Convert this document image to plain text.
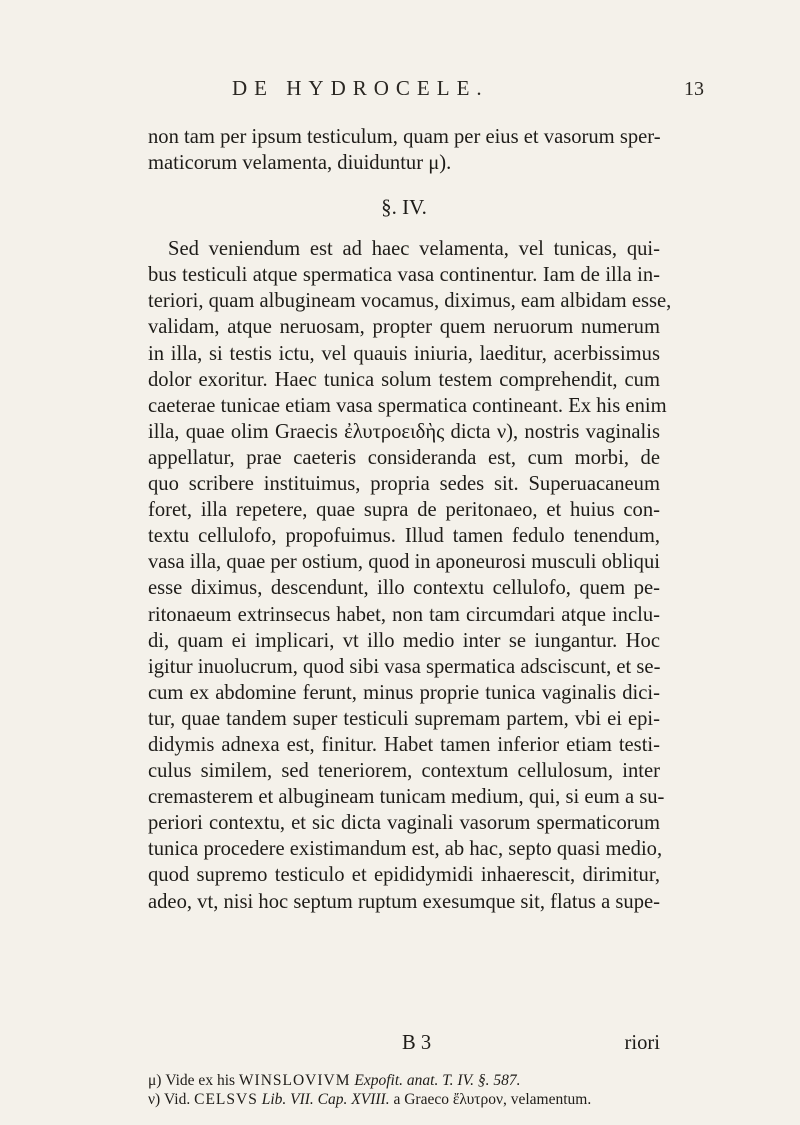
DE HYDROCELE.	13
non tam per ipsum testiculum, quam per eius et vasorum sper-
maticorum velamenta, diuiduntur μ).
§. IV.
Sed veniendum est ad haec velamenta, vel tunicas, qui-
bus testiculi atque spermatica vasa continentur. Iam de illa in-
teriori, quam albugineam vocamus, diximus, eam albidam esse,
validam, atque neruosam, propter quem neruorum numerum
in illa, si testis ictu, vel quauis iniuria, laeditur, acerbissimus
dolor exoritur. Haec tunica solum testem comprehendit, cum
caeterae tunicae etiam vasa spermatica contineant. Ex his enim
illa, quae olim Graecis ἐλυτροειδὴς dicta ν), nostris vaginalis
appellatur, prae caeteris consideranda est, cum morbi, de
quo scribere instituimus, propria sedes sit. Superuacaneum
foret, illa repetere, quae supra de peritonaeo, et huius con-
textu cellulofo, propofuimus. Illud tamen fedulo tenendum,
vasa illa, quae per ostium, quod in aponeurosi musculi obliqui
esse diximus, descendunt, illo contextu cellulofo, quem pe-
ritonaeum extrinsecus habet, non tam circumdari atque inclu-
di, quam ei implicari, vt illo medio inter se iungantur. Hoc
igitur inuolucrum, quod sibi vasa spermatica adsciscunt, et se-
cum ex abdomine ferunt, minus proprie tunica vaginalis dici-
tur, quae tandem super testiculi supremam partem, vbi ei epi-
didymis adnexa est, finitur. Habet tamen inferior etiam testi-
culus similem, sed teneriorem, contextum cellulosum, inter
cremasterem et albugineam tunicam medium, qui, si eum a su-
periori contextu, et sic dicta vaginali vasorum spermaticorum
tunica procedere existimandum est, ab hac, septo quasi medio,
quod supremo testiculo et epididymidi inhaerescit, dirimitur,
adeo, vt, nisi hoc septum ruptum exesumque sit, flatus a supe-
B 3	riori
μ) Vide ex his WINSLOVIVM Expofit. anat. T. IV. §. 587.
ν) Vid. CELSVS Lib. VII. Cap. XVIII. a Graeco ἔλυτρον, velamentum.
